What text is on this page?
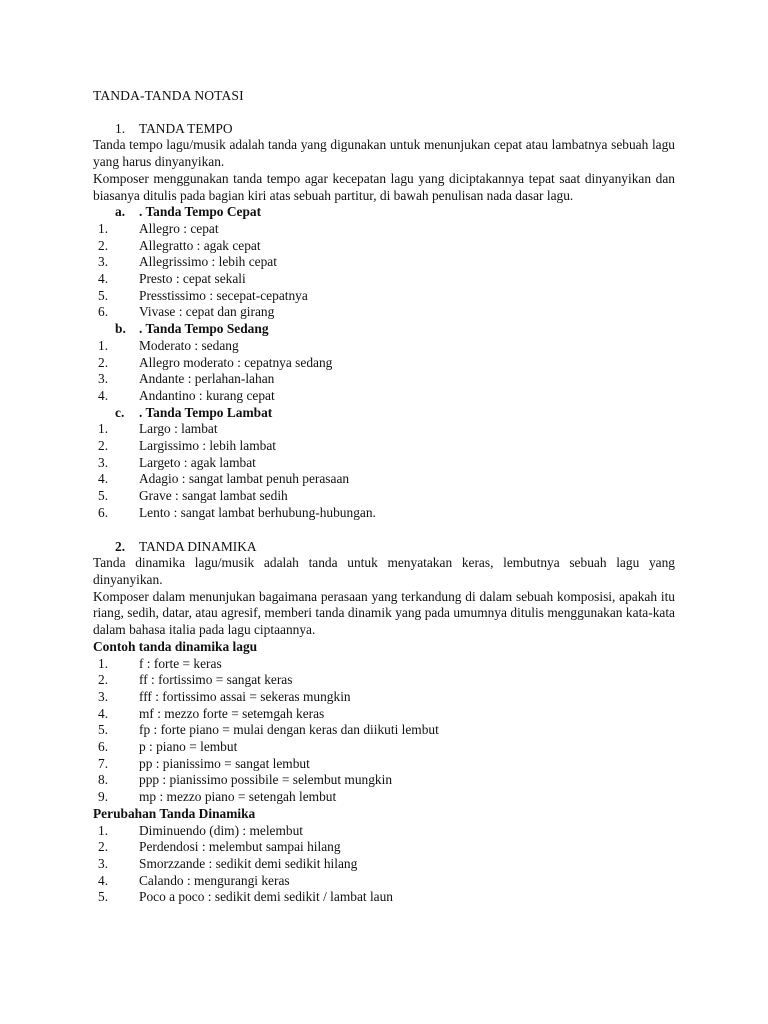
TANDA-TANDA NOTASI
1. TANDA TEMPO

Tanda tempo lagu/musik adalah tanda yang digunakan untuk menunjukan cepat atau lambatnya sebuah lagu yang harus dinyanyikan.

Komposer menggunakan tanda tempo agar kecepatan lagu yang diciptakannya tepat saat dinyanyikan dan biasanya ditulis pada bagian kiri atas sebuah partitur, di bawah penulisan nada dasar lagu.

a. . Tanda Tempo Cepat
1. Allegro : cepat
2. Allegratto : agak cepat
3. Allegrissimo : lebih cepat
4. Presto : cepat sekali
5. Presstissimo : secepat-cepatnya
6. Vivase : cepat dan girang
b. . Tanda Tempo Sedang
1. Moderato : sedang
2. Allegro moderato : cepatnya sedang
3. Andante : perlahan-lahan
4. Andantino : kurang cepat
c. . Tanda Tempo Lambat
1. Largo : lambat
2. Largissimo : lebih lambat
3. Largeto : agak lambat
4. Adagio : sangat lambat penuh perasaan
5. Grave : sangat lambat sedih
6. Lento : sangat lambat berhubung-hubungan.
2. TANDA DINAMIKA

Tanda dinamika lagu/musik adalah tanda untuk menyatakan keras, lembutnya sebuah lagu yang dinyanyikan.

Komposer dalam menunjukan bagaimana perasaan yang terkandung di dalam sebuah komposisi, apakah itu riang, sedih, datar, atau agresif, memberi tanda dinamik yang pada umumnya ditulis menggunakan kata-kata dalam bahasa italia pada lagu ciptaannya.

Contoh tanda dinamika lagu
1. f : forte = keras
2. ff : fortissimo = sangat keras
3. fff : fortissimo assai = sekeras mungkin
4. mf : mezzo forte = setemgah keras
5. fp : forte piano = mulai dengan keras dan diikuti lembut
6. p : piano = lembut
7. pp : pianissimo = sangat lembut
8. ppp : pianissimo possibile = selembut mungkin
9. mp : mezzo piano = setengah lembut
Perubahan Tanda Dinamika
1. Diminuendo (dim) : melembut
2. Perdendosi : melembut sampai hilang
3. Smorzzande : sedikit demi sedikit hilang
4. Calando : mengurangi keras
5. Poco a poco : sedikit demi sedikit / lambat laun
